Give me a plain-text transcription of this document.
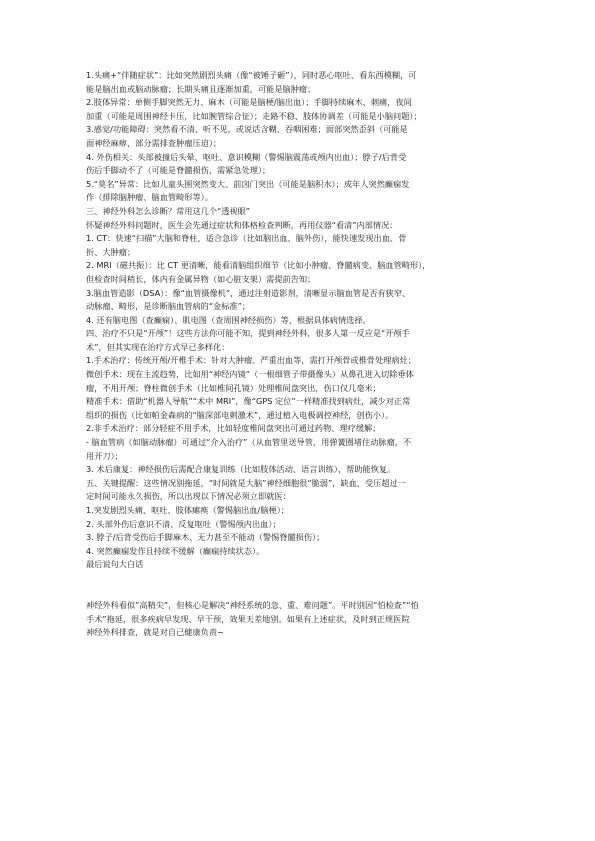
1.头痛+“伴随症状”：比如突然剧烈头痛（像“被锤子砸”），同时恶心呕吐、看东西模糊，可
能是脑出血或脑动脉瘤；长期头痛且逐渐加重，可能是脑肿瘤；
2.肢体异常：单侧手脚突然无力、麻木（可能是脑梗/脑出血）；手脚持续麻木、刺痛，夜间
加重（可能是周围神经卡压，比如腕管综合征）；走路不稳、肢体协调差（可能是小脑问题）；
3.感觉/功能障碍：突然看不清、听不见，或说话含糊、吞咽困难；面部突然歪斜（可能是
面神经麻痹，部分需排查肿瘤压迫）；
4. 外伤相关：头部被撞后头晕、呕吐、意识模糊（警惕脑震荡或颅内出血）；脖子/后背受
伤后手脚动不了（可能是脊髓损伤，需紧急处理）；
5.“莫名”异常：比如儿童头围突然变大、前囟门突出（可能是脑积水）；成年人突然癫痫发
作（排除脑肿瘤、脑血管畸形等）。
三、神经外科怎么诊断？常用这几个“透视眼”
怀疑神经外科问题时，医生会先通过症状和体格检查判断，再用仪器“看清”内部情况：
1. CT：快速“扫描”大脑和脊柱，适合急诊（比如脑出血、脑外伤），能快速发现出血、骨
折、大肿瘤；
2. MRI（磁共振）：比 CT 更清晰，能看清脑组织细节（比如小肿瘤、脊髓病变、脑血管畸形），
但检查时间稍长，体内有金属异物（如心脏支架）需提前告知；
3.脑血管造影（DSA）：像“血管摄像机”，通过注射造影剂，清晰显示脑血管是否有狭窄、
动脉瘤、畸形，是诊断脑血管病的“金标准”；
4. 还有脑电图（查癫痫）、肌电图（查周围神经损伤）等，根据具体病情选择。
四、治疗不只是“开颅”！这些方法你可能不知，提到神经外科，很多人第一反应是“开颅手
术”，但其实现在治疗方式早已多样化：
1.手术治疗：传统开颅/开椎手术：针对大肿瘤、严重出血等，需打开颅骨或椎骨处理病灶；
微创手术：现在主流趋势，比如用“神经内镜”（一根细管子带摄像头）从鼻孔进入切除垂体
瘤，不用开颅；脊柱微创手术（比如椎间孔镜）处理椎间盘突出，伤口仅几毫米；
精准手术：借助“机器人导航”“术中 MRI”，像“GPS 定位”一样精准找到病灶，减少对正常
组织的损伤（比如帕金森病的“脑深部电刺激术”，通过植入电极调控神经，创伤小）。
2.非手术治疗：部分轻症不用手术，比如轻度椎间盘突出可通过药物、理疗缓解；
- 脑血管病（如脑动脉瘤）可通过“介入治疗”（从血管里送导管，用弹簧圈堵住动脉瘤，不
用开刀）；
3. 术后康复：神经损伤后需配合康复训练（比如肢体活动、语言训练），帮助能恢复。
五、关键提醒：这些情况别拖延，“时间就是大脑”神经细胞很“脆弱”，缺血、受压超过一
定时间可能永久损伤，所以出现以下情况必须立即就医：
1.突发剧烈头痛、呕吐、肢体瘫痪（警惕脑出血/脑梗）；
2. 头部外伤后意识不清、反复呕吐（警惕颅内出血）；
3. 脖子/后背受伤后手脚麻木、无力甚至不能动（警惕脊髓损伤）；
4. 突然癫痫发作且持续不缓解（癫痫持续状态）。
最后说句大白话
神经外科看似“高精尖”，但核心是解决“神经系统的急、重、难问题”。平时别因“怕检查”“怕
手术”拖延，很多疾病早发现、早干预，效果天差地别。如果有上述症状，及时到正规医院
神经外科排查，就是对自己健康负责~
